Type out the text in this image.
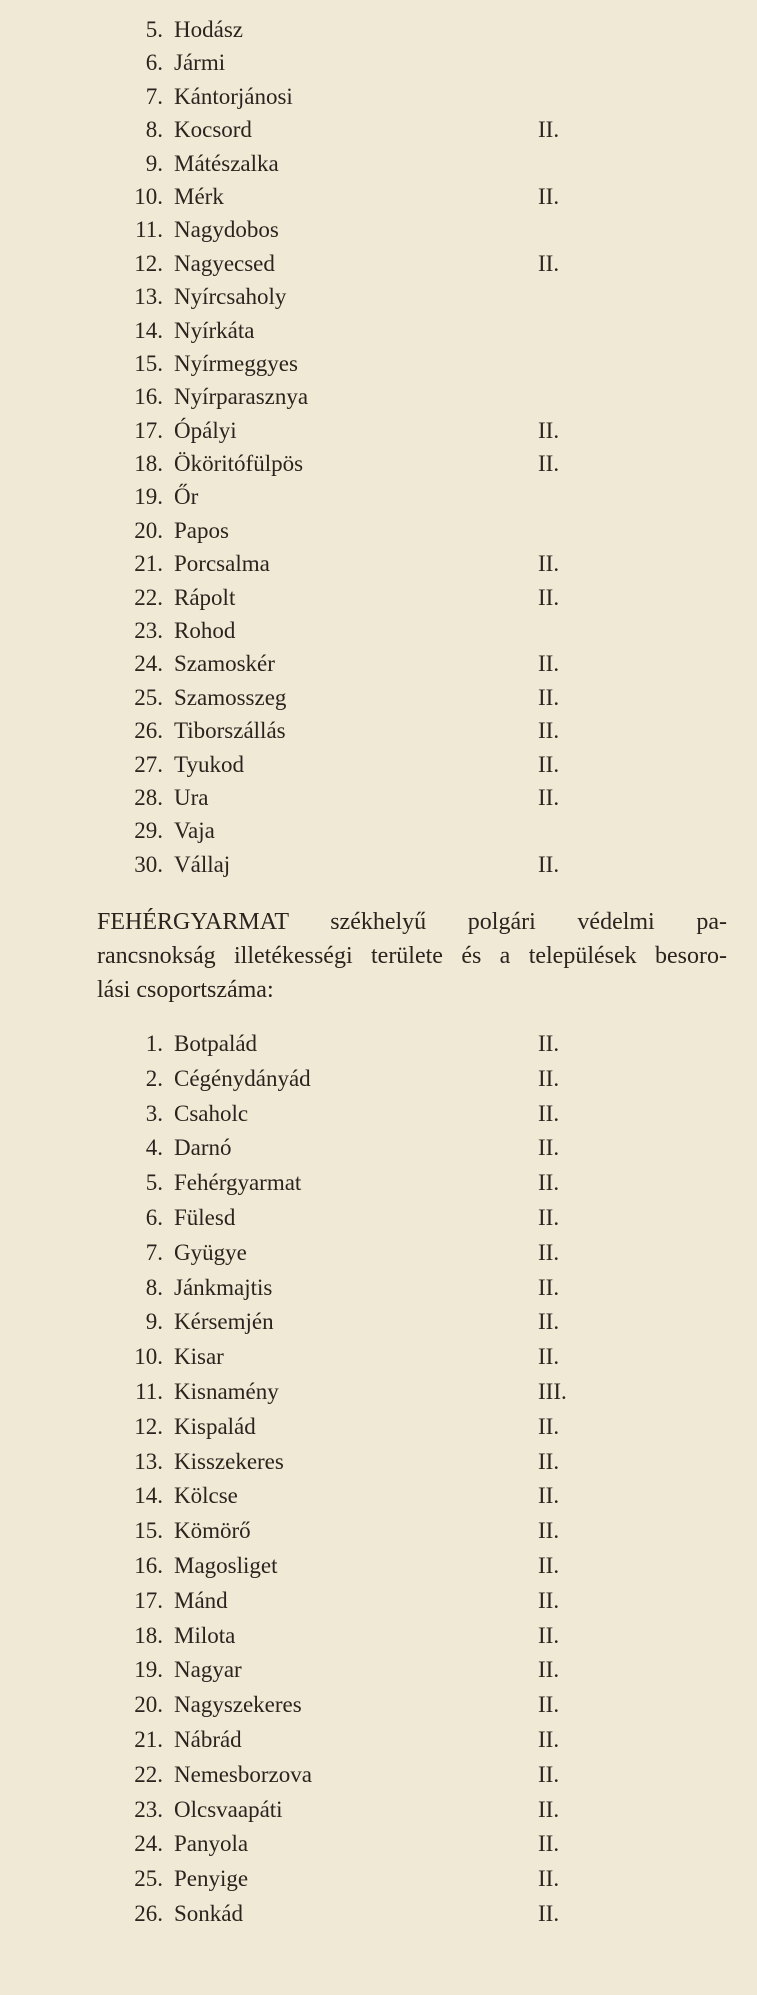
5. Hodász
6. Jármi
7. Kántorjánosi
8. Kocsord	II.
9. Mátészalka
10. Mérk	II.
11. Nagydobos
12. Nagyecsed	II.
13. Nyírcsaholy
14. Nyírkáta
15. Nyírmeggyes
16. Nyírparasznya
17. Ópályi	II.
18. Ököritófülpös	II.
19. Őr
20. Papos
21. Porcsalma	II.
22. Rápolt	II.
23. Rohod
24. Szamoskér	II.
25. Szamosszeg	II.
26. Tiborszállás	II.
27. Tyukod	II.
28. Ura	II.
29. Vaja
30. Vállaj	II.
FEHÉRGYARMAT székhelyű polgári védelmi pa-
rancsnokság illetékességi területe és a települések besoro-
lási csoportszáma:
1. Botpalád	II.
2. Cégénydányád	II.
3. Csaholc	II.
4. Darnó	II.
5. Fehérgyarmat	II.
6. Fülesd	II.
7. Gyügye	II.
8. Jánkmajtis	II.
9. Kérsemjén	II.
10. Kisar	II.
11. Kisnamény	III.
12. Kispalád	II.
13. Kisszekeres	II.
14. Kölcse	II.
15. Kömörő	II.
16. Magosliget	II.
17. Mánd	II.
18. Milota	II.
19. Nagyar	II.
20. Nagyszekeres	II.
21. Nábrád	II.
22. Nemesborzova	II.
23. Olcsvaapáti	II.
24. Panyola	II.
25. Penyige	II.
26. Sonkád	II.
